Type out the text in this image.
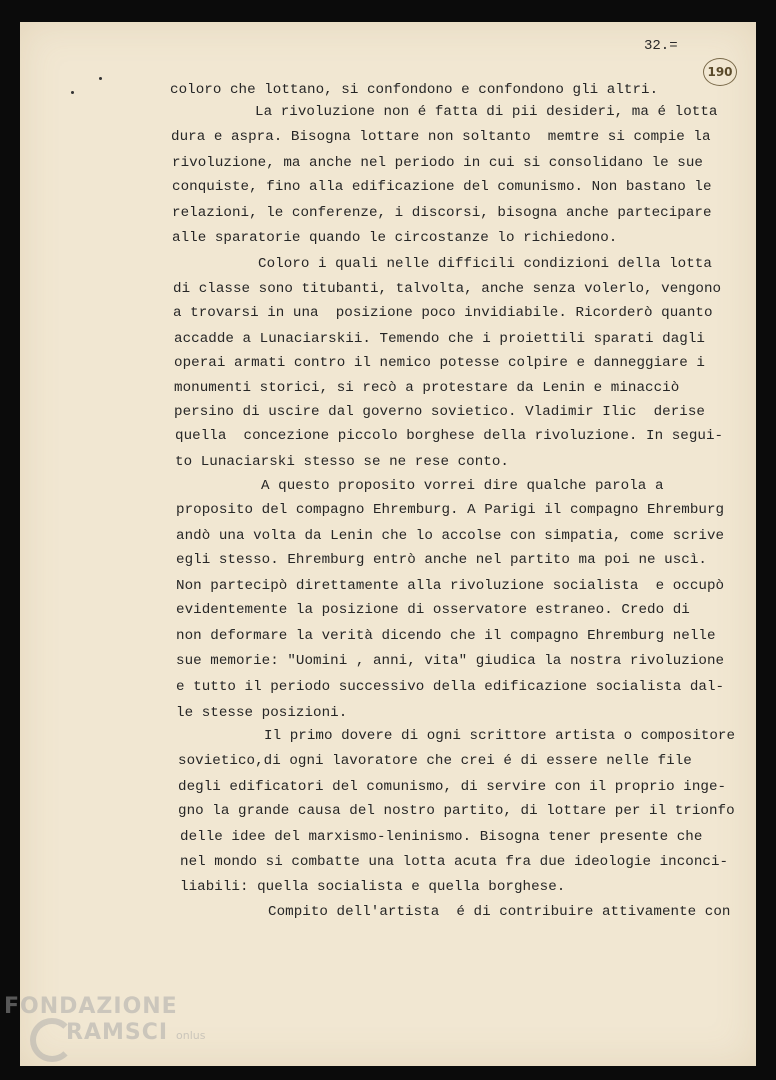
32.=
190
coloro che lottano, si confondono e confondono gli altri.
La rivoluzione non é fatta di pii desideri, ma é lotta
dura e aspra. Bisogna lottare non soltanto  memtre si compie la
rivoluzione, ma anche nel periodo in cui si consolidano le sue
conquiste, fino alla edificazione del comunismo. Non bastano le
relazioni, le conferenze, i discorsi, bisogna anche partecipare
alle sparatorie quando le circostanze lo richiedono.
Coloro i quali nelle difficili condizioni della lotta
di classe sono titubanti, talvolta, anche senza volerlo, vengono
a trovarsi in una  posizione poco invidiabile. Ricorderò quanto
accadde a Lunaciarskii. Temendo che i proiettili sparati dagli
operai armati contro il nemico potesse colpire e danneggiare i
monumenti storici, si recò a protestare da Lenin e minacciò
persino di uscire dal governo sovietico. Vladimir Ilic  derise
quella  concezione piccolo borghese della rivoluzione. In segui-
to Lunaciarski stesso se ne rese conto.
A questo proposito vorrei dire qualche parola a
proposito del compagno Ehremburg. A Parigi il compagno Ehremburg
andò una volta da Lenin che lo accolse con simpatia, come scrive
egli stesso. Ehremburg entrò anche nel partito ma poi ne uscì.
Non partecipò direttamente alla rivoluzione socialista  e occupò
evidentemente la posizione di osservatore estraneo. Credo di
non deformare la verità dicendo che il compagno Ehremburg nelle
sue memorie: "Uomini , anni, vita" giudica la nostra rivoluzione
e tutto il periodo successivo della edificazione socialista dal-
le stesse posizioni.
Il primo dovere di ogni scrittore artista o compositore
sovietico,di ogni lavoratore che crei é di essere nelle file
degli edificatori del comunismo, di servire con il proprio inge-
gno la grande causa del nostro partito, di lottare per il trionfo
delle idee del marxismo-leninismo. Bisogna tener presente che
nel mondo si combatte una lotta acuta fra due ideologie inconci-
liabili: quella socialista e quella borghese.
Compito dell'artista  é di contribuire attivamente con
FONDAZIONE
RAMSCI onlus
